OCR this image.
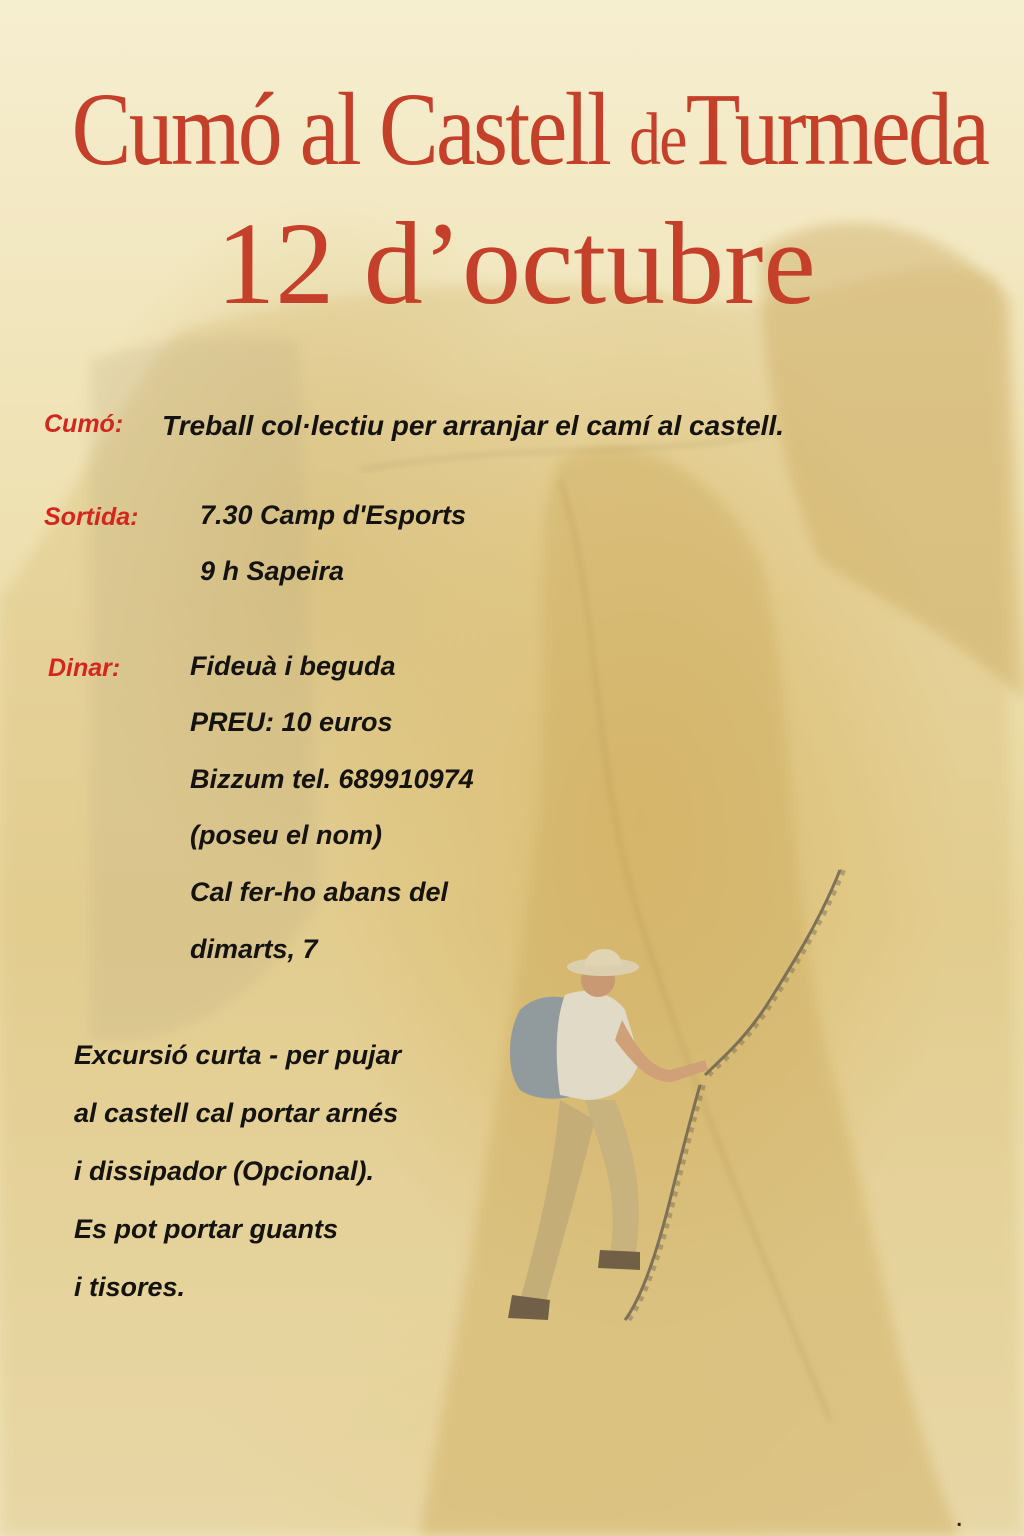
Cumó al Castell deTurmeda
12 d’octubre
Cumó: Treball col·lectiu per arranjar el camí al castell.
Sortida: 7.30 Camp d'Esports
9 h Sapeira
Dinar:	Fideuà i beguda
PREU: 10 euros
Bizzum tel. 689910974
(poseu el nom)
Cal fer-ho abans del
dimarts, 7
Excursió curta - per pujar
al castell cal portar arnés
i dissipador (Opcional).
Es pot portar guants
i tisores.
.
